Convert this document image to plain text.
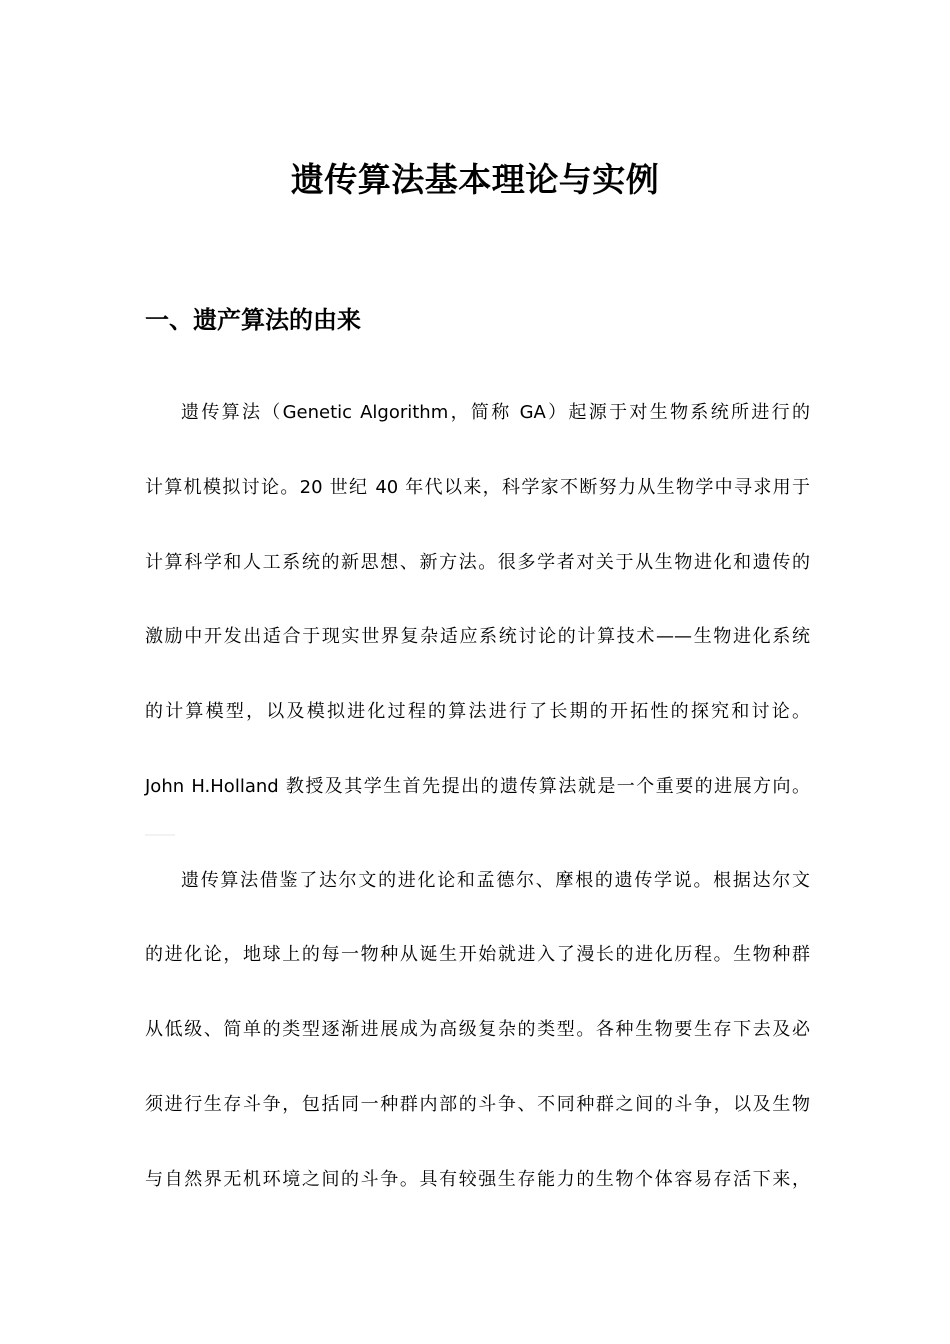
遗传算法基本理论与实例
一、遗产算法的由来

遗传算法（Genetic Algorithm，简称 GA）起源于对生物系统所进行的

计算机模拟讨论。20 世纪 40 年代以来，科学家不断努力从生物学中寻求用于

计算科学和人工系统的新思想、新方法。很多学者对关于从生物进化和遗传的

激励中开发出适合于现实世界复杂适应系统讨论的计算技术——生物进化系统

的计算模型，以及模拟进化过程的算法进行了长期的开拓性的探究和讨论。

John H.Holland 教授及其学生首先提出的遗传算法就是一个重要的进展方向。

遗传算法借鉴了达尔文的进化论和孟德尔、摩根的遗传学说。根据达尔文

的进化论，地球上的每一物种从诞生开始就进入了漫长的进化历程。生物种群

从低级、简单的类型逐渐进展成为高级复杂的类型。各种生物要生存下去及必

须进行生存斗争，包括同一种群内部的斗争、不同种群之间的斗争，以及生物

与自然界无机环境之间的斗争。具有较强生存能力的生物个体容易存活下来，
